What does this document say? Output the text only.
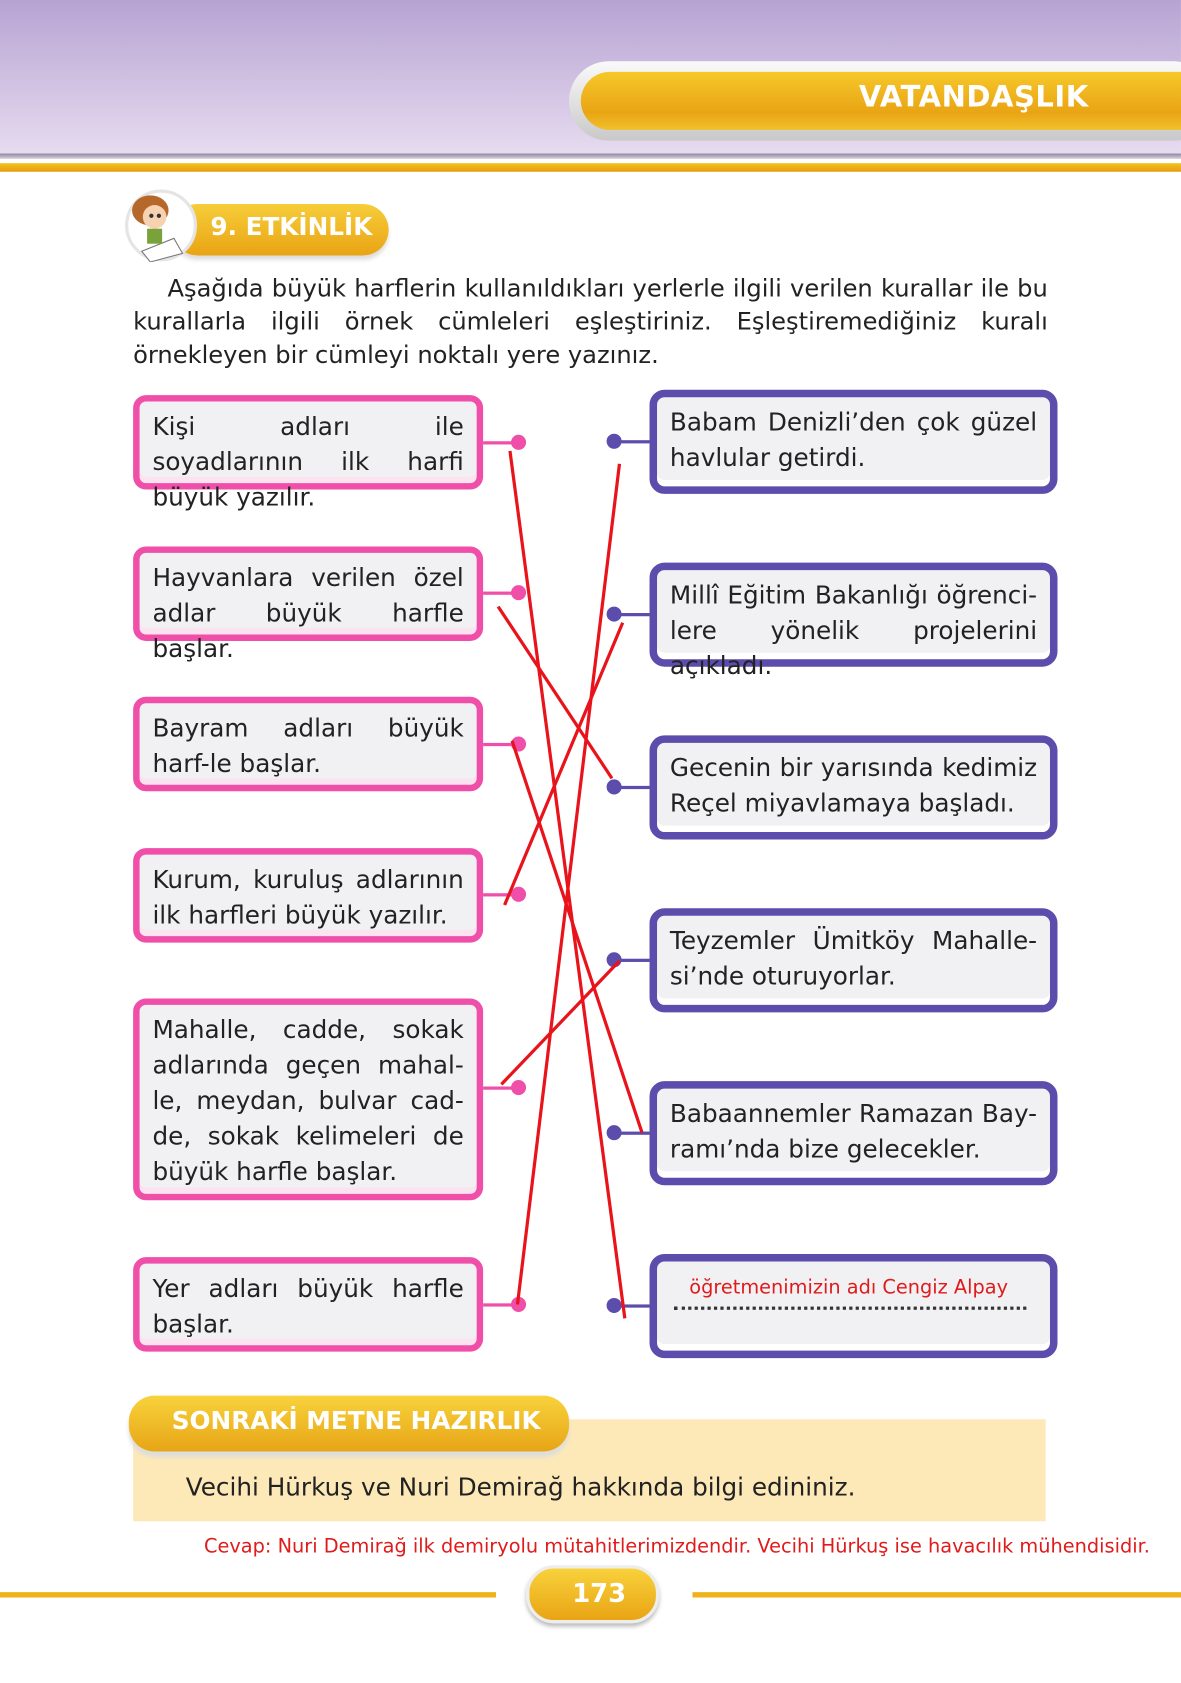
VATANDAŞLIK
9. ETKİNLİK
Aşağıda büyük harflerin kullanıldıkları yerlerle ilgili verilen kurallar ile bu kurallarla ilgili örnek cümleleri eşleştiriniz. Eşleştiremediğiniz kuralı örnekleyen bir cümleyi noktalı yere yazınız.
Kişi adları ile soyadlarının ilk harfi büyük yazılır.
Hayvanlara verilen özel adlar büyük harfle başlar.
Bayram adları büyük harf-le başlar.
Kurum, kuruluş adlarının ilk harfleri büyük yazılır.
Mahalle, cadde, sokak adlarında geçen mahal-le, meydan, bulvar cad-de, sokak kelimeleri de büyük harfle başlar.
Yer adları büyük harfle başlar.
Babam Denizli’den çok güzel havlular getirdi.
Millî Eğitim Bakanlığı öğrenci-lere yönelik projelerini açıkladı.
Gecenin bir yarısında kedimiz Reçel miyavlamaya başladı.
Teyzemler Ümitköy Mahalle-si’nde oturuyorlar.
Babaannemler Ramazan Bay-ramı’nda bize gelecekler.
öğretmenimizin adı Cengiz Alpay
SONRAKİ METNE HAZIRLIK
Vecihi Hürkuş ve Nuri Demirağ hakkında bilgi edininiz.
Cevap: Nuri Demirağ ilk demiryolu mütahitlerimizdendir. Vecihi Hürkuş ise havacılık mühendisidir.
173
